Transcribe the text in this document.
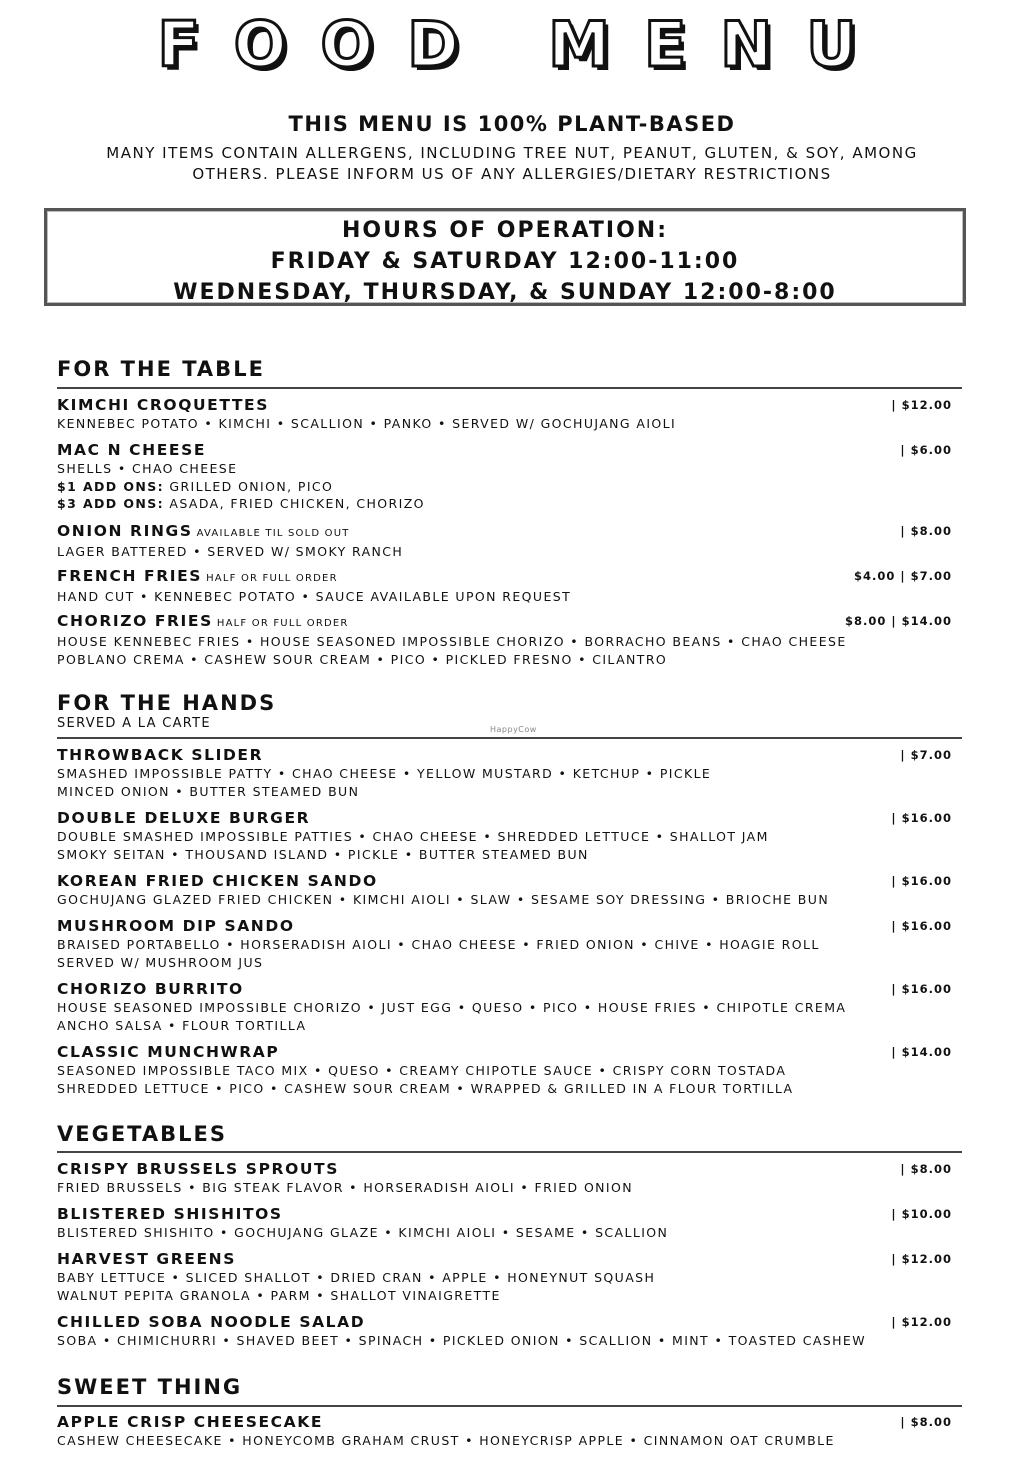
FOOD MENU
THIS MENU IS 100% PLANT-BASED
MANY ITEMS CONTAIN ALLERGENS, INCLUDING TREE NUT, PEANUT, GLUTEN, & SOY, AMONG
OTHERS. PLEASE INFORM US OF ANY ALLERGIES/DIETARY RESTRICTIONS
HOURS OF OPERATION:
FRIDAY & SATURDAY 12:00-11:00
WEDNESDAY, THURSDAY, & SUNDAY 12:00-8:00
FOR THE TABLE
KIMCHI CROQUETTES
KENNEBEC POTATO • KIMCHI • SCALLION • PANKO • SERVED W/ GOCHUJANG AIOLI
| $12.00
MAC N CHEESE
SHELLS • CHAO CHEESE
$1 ADD ONS: GRILLED ONION, PICO
$3 ADD ONS: ASADA, FRIED CHICKEN, CHORIZO
| $6.00
ONION RINGS AVAILABLE TIL SOLD OUT
LAGER BATTERED • SERVED W/ SMOKY RANCH
| $8.00
FRENCH FRIES HALF OR FULL ORDER
HAND CUT • KENNEBEC POTATO • SAUCE AVAILABLE UPON REQUEST
$4.00 | $7.00
CHORIZO FRIES HALF OR FULL ORDER
HOUSE KENNEBEC FRIES • HOUSE SEASONED IMPOSSIBLE CHORIZO • BORRACHO BEANS • CHAO CHEESE
POBLANO CREMA • CASHEW SOUR CREAM • PICO • PICKLED FRESNO • CILANTRO
$8.00 | $14.00
FOR THE HANDS
SERVED A LA CARTE	HappyCow
THROWBACK SLIDER
SMASHED IMPOSSIBLE PATTY • CHAO CHEESE • YELLOW MUSTARD • KETCHUP • PICKLE
MINCED ONION • BUTTER STEAMED BUN
| $7.00
DOUBLE DELUXE BURGER
DOUBLE SMASHED IMPOSSIBLE PATTIES • CHAO CHEESE • SHREDDED LETTUCE • SHALLOT JAM
SMOKY SEITAN • THOUSAND ISLAND • PICKLE • BUTTER STEAMED BUN
| $16.00
KOREAN FRIED CHICKEN SANDO
GOCHUJANG GLAZED FRIED CHICKEN • KIMCHI AIOLI • SLAW • SESAME SOY DRESSING • BRIOCHE BUN
| $16.00
MUSHROOM DIP SANDO
BRAISED PORTABELLO • HORSERADISH AIOLI • CHAO CHEESE • FRIED ONION • CHIVE • HOAGIE ROLL
SERVED W/ MUSHROOM JUS
| $16.00
CHORIZO BURRITO
HOUSE SEASONED IMPOSSIBLE CHORIZO • JUST EGG • QUESO • PICO • HOUSE FRIES • CHIPOTLE CREMA
ANCHO SALSA • FLOUR TORTILLA
| $16.00
CLASSIC MUNCHWRAP
SEASONED IMPOSSIBLE TACO MIX • QUESO • CREAMY CHIPOTLE SAUCE • CRISPY CORN TOSTADA
SHREDDED LETTUCE • PICO • CASHEW SOUR CREAM • WRAPPED & GRILLED IN A FLOUR TORTILLA
| $14.00
VEGETABLES
CRISPY BRUSSELS SPROUTS
FRIED BRUSSELS • BIG STEAK FLAVOR • HORSERADISH AIOLI • FRIED ONION
| $8.00
BLISTERED SHISHITOS
BLISTERED SHISHITO • GOCHUJANG GLAZE • KIMCHI AIOLI • SESAME • SCALLION
| $10.00
HARVEST GREENS
BABY LETTUCE • SLICED SHALLOT • DRIED CRAN • APPLE • HONEYNUT SQUASH
WALNUT PEPITA GRANOLA • PARM • SHALLOT VINAIGRETTE
| $12.00
CHILLED SOBA NOODLE SALAD
SOBA • CHIMICHURRI • SHAVED BEET • SPINACH • PICKLED ONION • SCALLION • MINT • TOASTED CASHEW
| $12.00
SWEET THING
APPLE CRISP CHEESECAKE
CASHEW CHEESECAKE • HONEYCOMB GRAHAM CRUST • HONEYCRISP APPLE • CINNAMON OAT CRUMBLE
| $8.00
